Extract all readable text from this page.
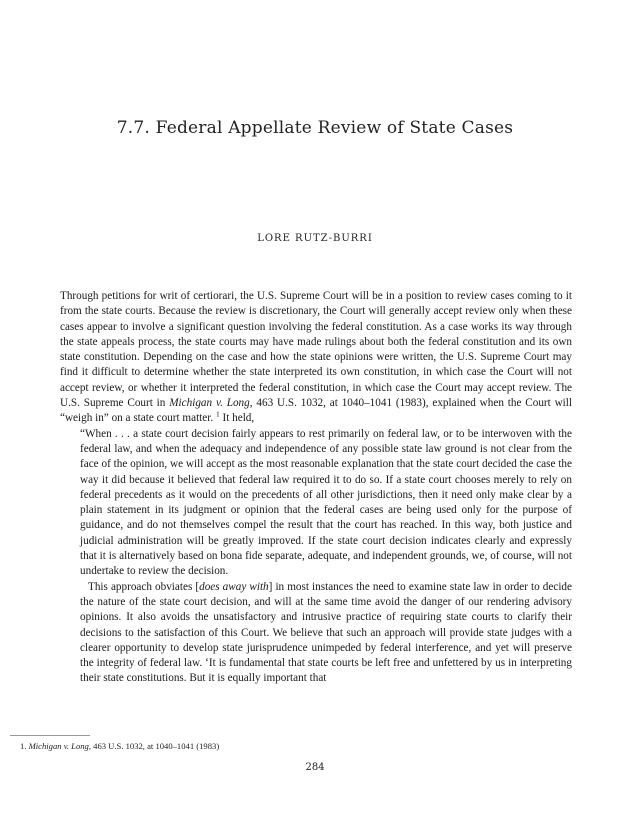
7.7. Federal Appellate Review of State Cases
LORE RUTZ-BURRI

Through petitions for writ of certiorari, the U.S. Supreme Court will be in a position to review cases coming to it from the state courts. Because the review is discretionary, the Court will generally accept review only when these cases appear to involve a significant question involving the federal constitution. As a case works its way through the state appeals process, the state courts may have made rulings about both the federal constitution and its own state constitution. Depending on the case and how the state opinions were written, the U.S. Supreme Court may find it difficult to determine whether the state interpreted its own constitution, in which case the Court will not accept review, or whether it interpreted the federal constitution, in which case the Court may accept review. The U.S. Supreme Court in Michigan v. Long, 463 U.S. 1032, at 1040–1041 (1983), explained when the Court will “weigh in” on a state court matter. $^1$ It held,

“When . . . a state court decision fairly appears to rest primarily on federal law, or to be interwoven with the federal law, and when the adequacy and independence of any possible state law ground is not clear from the face of the opinion, we will accept as the most reasonable explanation that the state court decided the case the way it did because it believed that federal law required it to do so. If a state court chooses merely to rely on federal precedents as it would on the precedents of all other jurisdictions, then it need only make clear by a plain statement in its judgment or opinion that the federal cases are being used only for the purpose of guidance, and do not themselves compel the result that the court has reached. In this way, both justice and judicial administration will be greatly improved. If the state court decision indicates clearly and expressly that it is alternatively based on bona fide separate, adequate, and independent grounds, we, of course, will not undertake to review the decision.

This approach obviates [does away with] in most instances the need to examine state law in order to decide the nature of the state court decision, and will at the same time avoid the danger of our rendering advisory opinions. It also avoids the unsatisfactory and intrusive practice of requiring state courts to clarify their decisions to the satisfaction of this Court. We believe that such an approach will provide state judges with a clearer opportunity to develop state jurisprudence unimpeded by federal interference, and yet will preserve the integrity of federal law. ‘It is fundamental that state courts be left free and unfettered by us in interpreting their state constitutions. But it is equally important that

1. Michigan v. Long, 463 U.S. 1032, at 1040–1041 (1983)
284
